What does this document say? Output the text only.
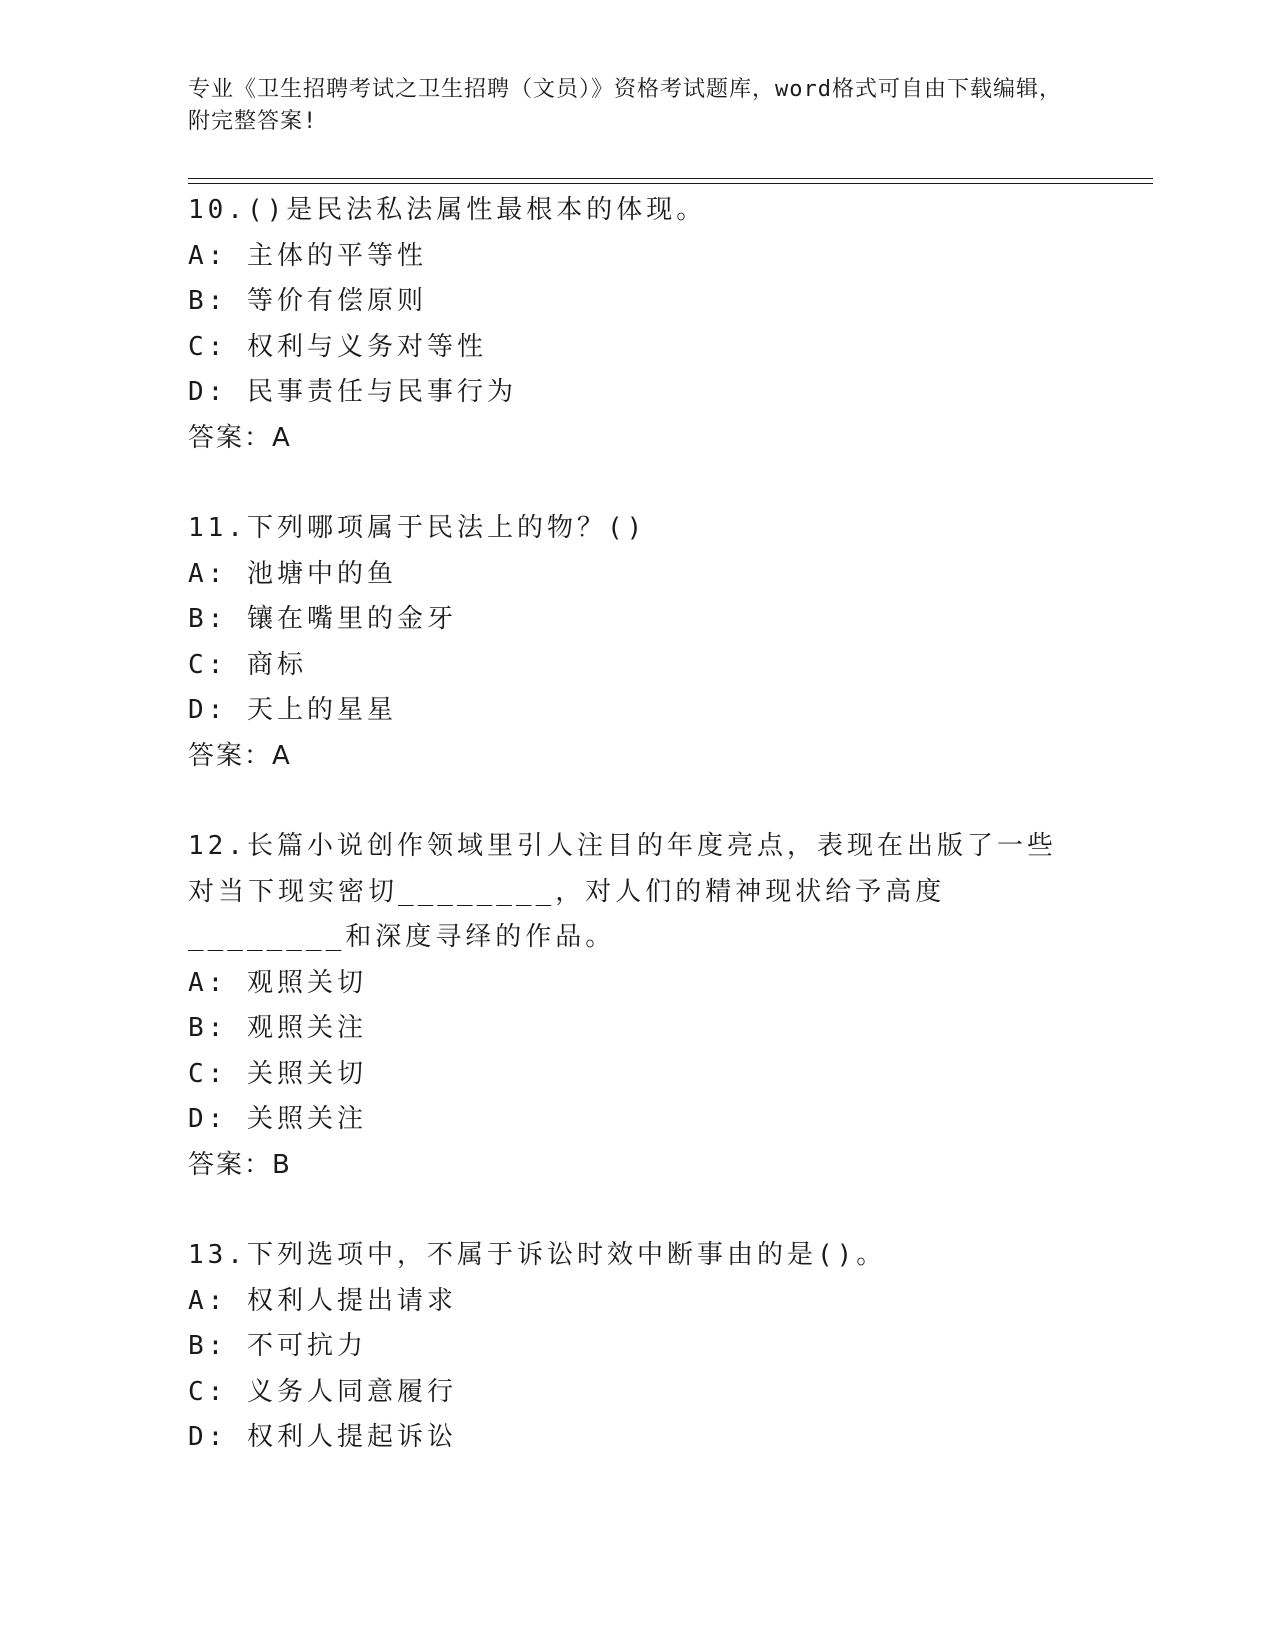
专业《卫生招聘考试之卫生招聘（文员）》资格考试题库，word格式可自由下载编辑，附完整答案!
10.()是民法私法属性最根本的体现。
A: 主体的平等性
B: 等价有偿原则
C: 权利与义务对等性
D: 民事责任与民事行为
答案：A
11.下列哪项属于民法上的物？()
A: 池塘中的鱼
B: 镶在嘴里的金牙
C: 商标
D: 天上的星星
答案：A
12.长篇小说创作领域里引人注目的年度亮点，表现在出版了一些对当下现实密切________，对人们的精神现状给予高度________和深度寻绎的作品。
A: 观照关切
B: 观照关注
C: 关照关切
D: 关照关注
答案：B
13.下列选项中，不属于诉讼时效中断事由的是()。
A: 权利人提出请求
B: 不可抗力
C: 义务人同意履行
D: 权利人提起诉讼
